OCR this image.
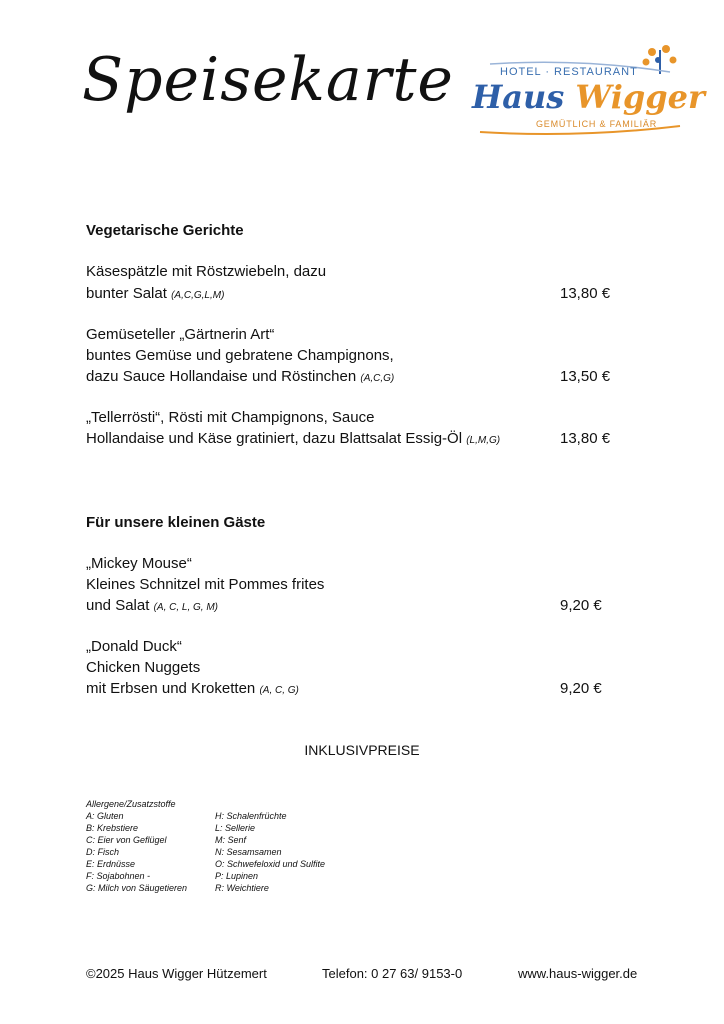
Speisekarte	HOTEL · RESTAURANT
Haus Wigger
GEMÜTLICH & FAMILIÄR
Vegetarische Gerichte
Käsespätzle mit Röstzwiebeln, dazu
bunter Salat (A,C,G,L,M)	13,80 €
Gemüseteller „Gärtnerin Art“
buntes Gemüse und gebratene Champignons,
dazu Sauce Hollandaise und Röstinchen (A,C,G)	13,50 €
„Tellerrösti“, Rösti mit Champignons, Sauce
Hollandaise und Käse gratiniert, dazu Blattsalat Essig-Öl (L,M,G)	13,80 €
Für unsere kleinen Gäste
„Mickey Mouse“
Kleines Schnitzel mit Pommes frites
und Salat (A, C, L, G, M)	9,20 €
„Donald Duck“
Chicken Nuggets
mit Erbsen und Kroketten (A, C, G)	9,20 €
INKLUSIVPREISE
Allergene/Zusatzstoffe
A: Gluten
B: Krebstiere
C: Eier von Geflügel
D: Fisch
E: Erdnüsse
F: Sojabohnen -
G: Milch von Säugetieren
H: Schalenfrüchte
L: Sellerie
M: Senf
N: Sesamsamen
O: Schwefeloxid und Sulfite
P: Lupinen
R: Weichtiere
©2025 Haus Wigger Hützemert	Telefon: 0 27 63/ 9153-0	www.haus-wigger.de
